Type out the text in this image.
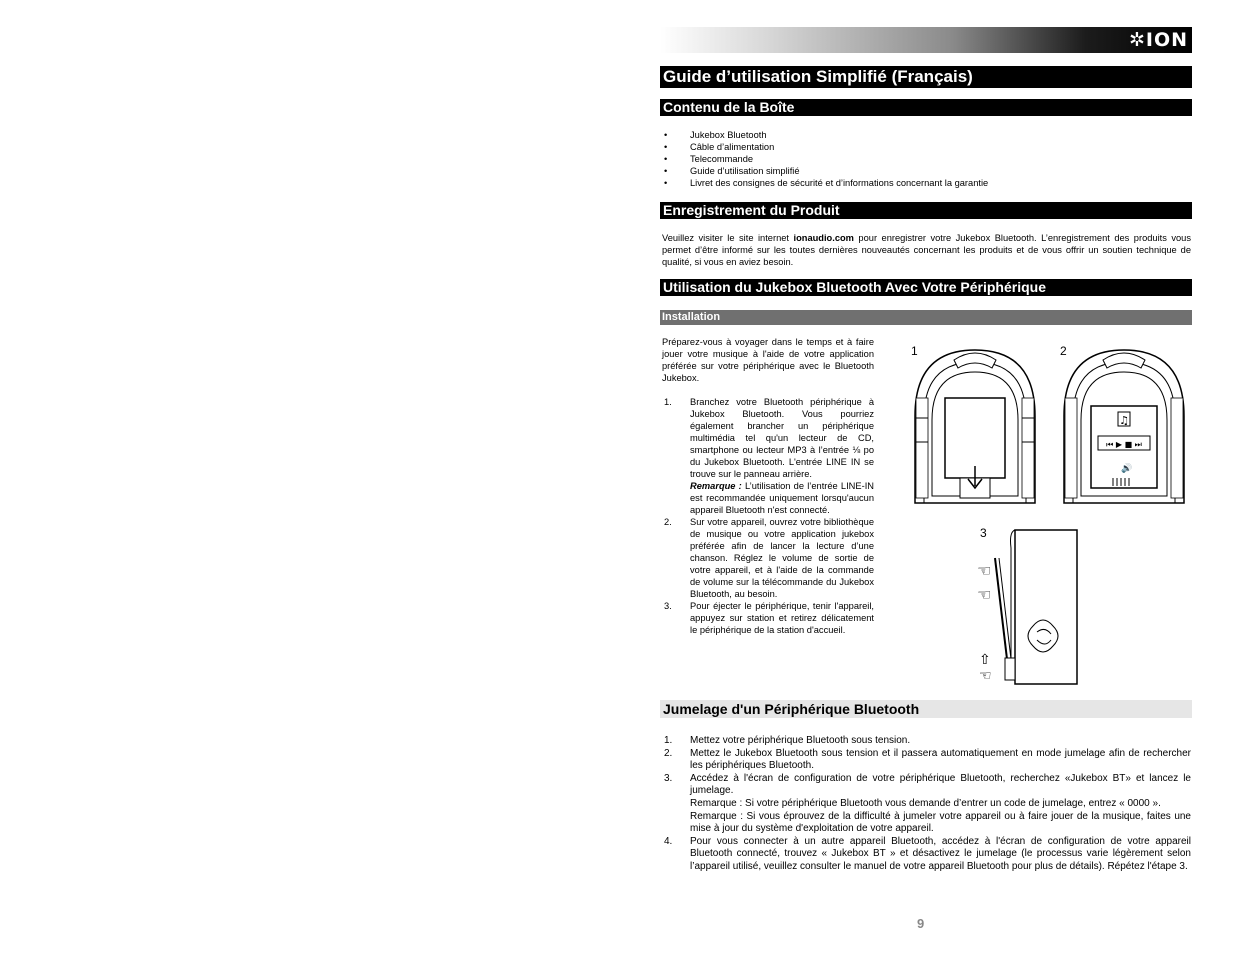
✲ION
Guide d’utilisation Simplifié (Français)
Contenu de la Boîte
• Jukebox Bluetooth
• Câble d’alimentation
• Telecommande
• Guide d’utilisation simplifié
• Livret des consignes de sécurité et d’informations concernant la garantie
Enregistrement du Produit
Veuillez visiter le site internet ionaudio.com pour enregistrer votre Jukebox Bluetooth. L’enregistrement des produits vous permet d’être informé sur les toutes dernières nouveautés concernant les produits et de vous offrir un soutien technique de qualité, si vous en aviez besoin.
Utilisation du Jukebox Bluetooth Avec Votre Périphérique
Installation
Préparez-vous à voyager dans le temps et à faire jouer votre musique à l'aide de votre application préférée sur votre périphérique avec le Bluetooth Jukebox.
1. Branchez votre Bluetooth périphérique à Jukebox Bluetooth. Vous pourriez également brancher un périphérique multimédia tel qu'un lecteur de CD, smartphone ou lecteur MP3 à l’entrée ⅛ po du Jukebox Bluetooth. L'entrée LINE IN se trouve sur le panneau arrière.
Remarque : L’utilisation de l’entrée LINE-IN est recommandée uniquement lorsqu'aucun appareil Bluetooth n'est connecté.
2. Sur votre appareil, ouvrez votre bibliothèque de musique ou votre application jukebox préférée afin de lancer la lecture d’une chanson. Réglez le volume de sortie de votre appareil, et à l'aide de la commande de volume sur la télécommande du Jukebox Bluetooth, au besoin.
3. Pour éjecter le périphérique, tenir l'appareil, appuyez sur station et retirez délicatement le périphérique de la station d'accueil.
1	2
3
♫
⏮ ▶ ■ ⏭
🔊
☜
☜
⇧
☜
Jumelage d'un Périphérique Bluetooth
1. Mettez votre périphérique Bluetooth sous tension.
2. Mettez le Jukebox Bluetooth sous tension et il passera automatiquement en mode jumelage afin de rechercher les périphériques Bluetooth.
3. Accédez à l'écran de configuration de votre périphérique Bluetooth, recherchez «Jukebox BT» et lancez le jumelage.
Remarque : Si votre périphérique Bluetooth vous demande d’entrer un code de jumelage, entrez « 0000 ».
Remarque : Si vous éprouvez de la difficulté à jumeler votre appareil ou à faire jouer de la musique, faites une mise à jour du système d'exploitation de votre appareil.
4. Pour vous connecter à un autre appareil Bluetooth, accédez à l'écran de configuration de votre appareil Bluetooth connecté, trouvez « Jukebox BT » et désactivez le jumelage (le processus varie légèrement selon l’appareil utilisé, veuillez consulter le manuel de votre appareil Bluetooth pour plus de détails). Répétez l'étape 3.
9
